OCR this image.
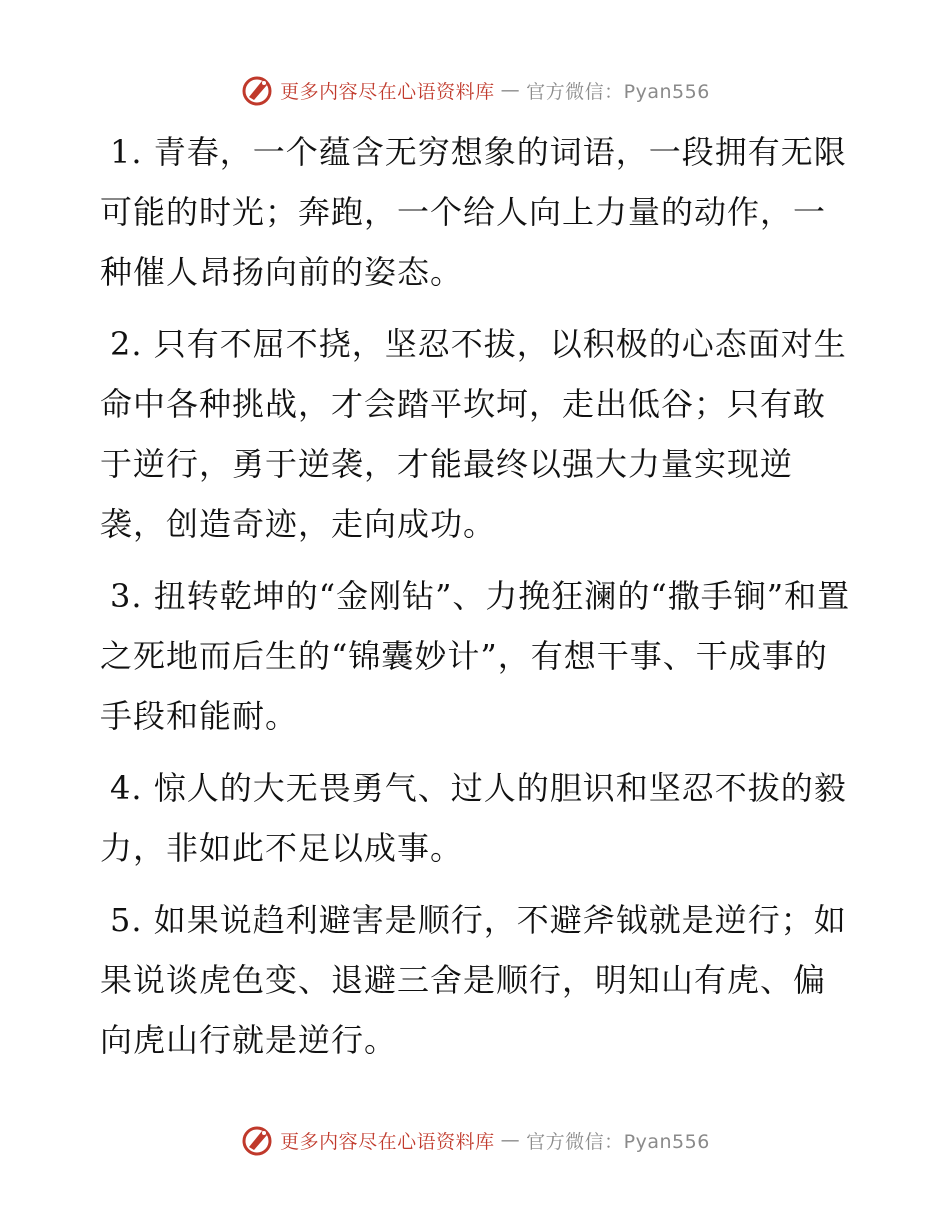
更多内容尽在心语资料库 — 官方微信：Pyan556

1. 青春，一个蕴含无穷想象的词语，一段拥有无限可能的时光；奔跑，一个给人向上力量的动作，一种催人昂扬向前的姿态。

2. 只有不屈不挠，坚忍不拔，以积极的心态面对生命中各种挑战，才会踏平坎坷，走出低谷；只有敢于逆行，勇于逆袭，才能最终以强大力量实现逆袭，创造奇迹，走向成功。

3. 扭转乾坤的“金刚钻”、力挽狂澜的“撒手锏”和置之死地而后生的“锦囊妙计”，有想干事、干成事的手段和能耐。

4. 惊人的大无畏勇气、过人的胆识和坚忍不拔的毅力，非如此不足以成事。

5. 如果说趋利避害是顺行，不避斧钺就是逆行；如果说谈虎色变、退避三舍是顺行，明知山有虎、偏向虎山行就是逆行。

更多内容尽在心语资料库 — 官方微信：Pyan556
